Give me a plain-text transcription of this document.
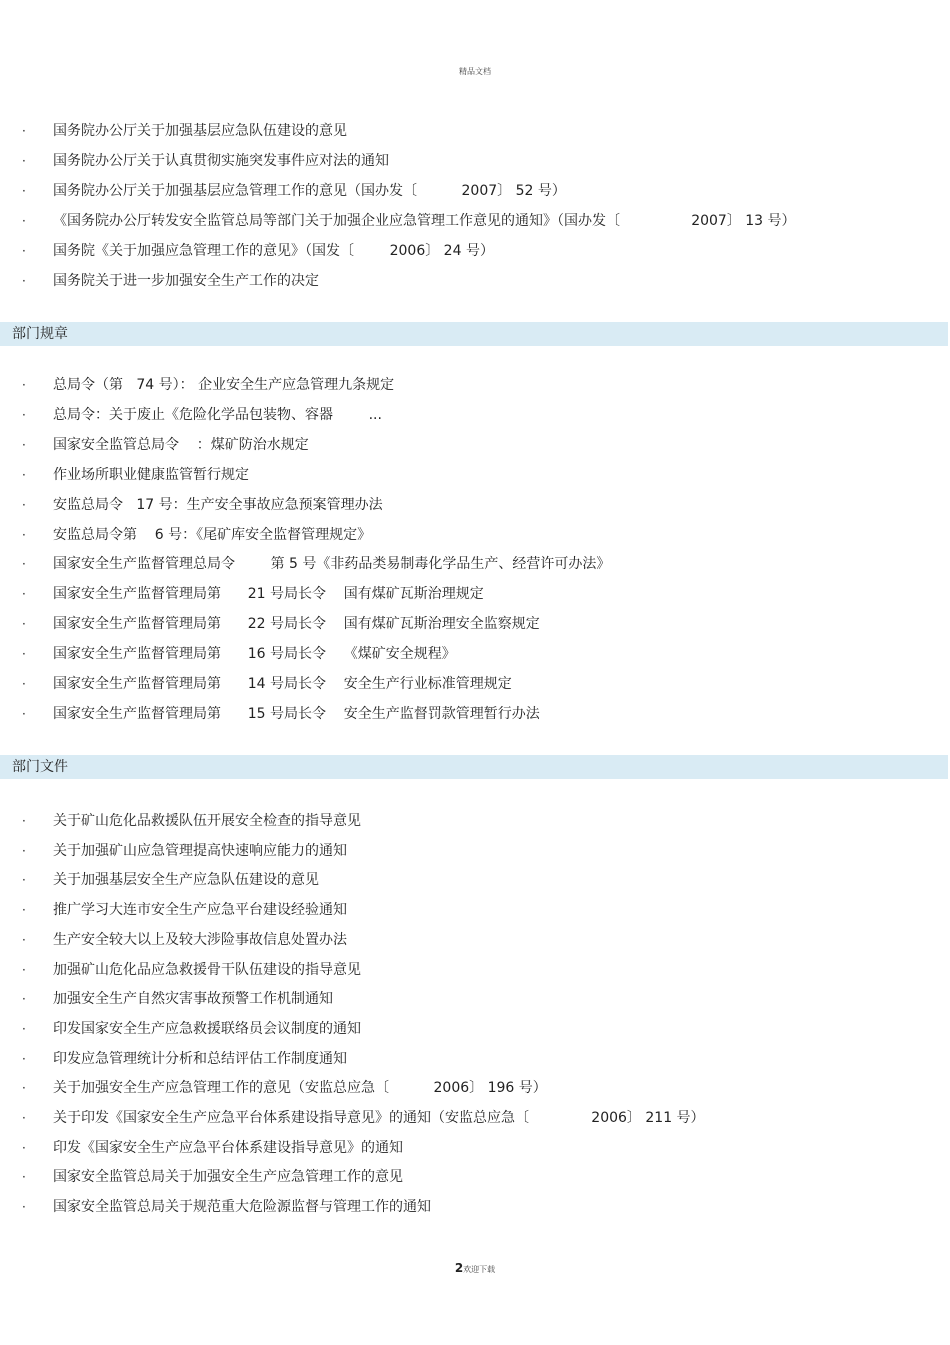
精品文档
· 国务院办公厅关于加强基层应急队伍建设的意见
· 国务院办公厅关于认真贯彻实施突发事件应对法的通知
· 国务院办公厅关于加强基层应急管理工作的意见（国办发〔          2007〕 52 号）
· 《国务院办公厅转发安全监管总局等部门关于加强企业应急管理工作意见的通知》（国办发〔                2007〕 13 号）
· 国务院《关于加强应急管理工作的意见》（国发〔        2006〕 24 号）
· 国务院关于进一步加强安全生产工作的决定
部门规章
· 总局令（第   74 号）： 企业安全生产应急管理九条规定
· 总局令：关于废止《危险化学品包装物、容器        ...
· 国家安全监管总局令    ：煤矿防治水规定
· 作业场所职业健康监管暂行规定
· 安监总局令   17 号：生产安全事故应急预案管理办法
· 安监总局令第    6 号：《尾矿库安全监督管理规定》
· 国家安全生产监督管理总局令        第 5 号《非药品类易制毒化学品生产、经营许可办法》
· 国家安全生产监督管理局第      21 号局长令    国有煤矿瓦斯治理规定
· 国家安全生产监督管理局第      22 号局长令    国有煤矿瓦斯治理安全监察规定
· 国家安全生产监督管理局第      16 号局长令    《煤矿安全规程》
· 国家安全生产监督管理局第      14 号局长令    安全生产行业标准管理规定
· 国家安全生产监督管理局第      15 号局长令    安全生产监督罚款管理暂行办法
部门文件
· 关于矿山危化品救援队伍开展安全检查的指导意见
· 关于加强矿山应急管理提高快速响应能力的通知
· 关于加强基层安全生产应急队伍建设的意见
· 推广学习大连市安全生产应急平台建设经验通知
· 生产安全较大以上及较大涉险事故信息处置办法
· 加强矿山危化品应急救援骨干队伍建设的指导意见
· 加强安全生产自然灾害事故预警工作机制通知
· 印发国家安全生产应急救援联络员会议制度的通知
· 印发应急管理统计分析和总结评估工作制度通知
· 关于加强安全生产应急管理工作的意见（安监总应急〔          2006〕 196 号）
· 关于印发《国家安全生产应急平台体系建设指导意见》的通知（安监总应急〔              2006〕 211 号）
· 印发《国家安全生产应急平台体系建设指导意见》的通知
· 国家安全监管总局关于加强安全生产应急管理工作的意见
· 国家安全监管总局关于规范重大危险源监督与管理工作的通知
2欢迎下载
